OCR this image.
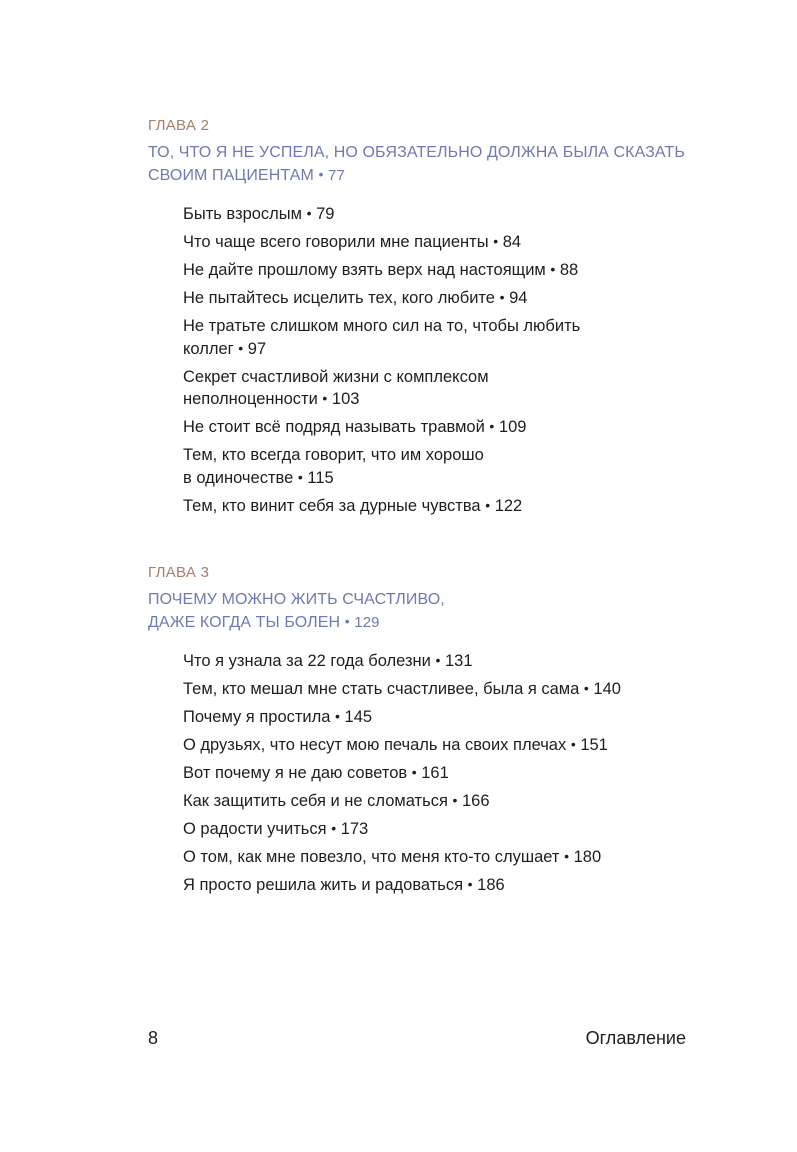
ГЛАВА 2

ТО, ЧТО Я НЕ УСПЕЛА, НО ОБЯЗАТЕЛЬНО ДОЛЖНА БЫЛА СКАЗАТЬ
СВОИМ ПАЦИЕНТАМ • 77

Быть взрослым • 79
Что чаще всего говорили мне пациенты • 84
Не дайте прошлому взять верх над настоящим • 88
Не пытайтесь исцелить тех, кого любите • 94
Не тратьте слишком много сил на то, чтобы любить
коллег • 97
Секрет счастливой жизни с комплексом
неполноценности • 103
Не стоит всё подряд называть травмой • 109
Тем, кто всегда говорит, что им хорошо
в одиночестве • 115
Тем, кто винит себя за дурные чувства • 122

ГЛАВА 3

ПОЧЕМУ МОЖНО ЖИТЬ СЧАСТЛИВО,
ДАЖЕ КОГДА ТЫ БОЛЕН • 129

Что я узнала за 22 года болезни • 131
Тем, кто мешал мне стать счастливее, была я сама • 140
Почему я простила • 145
О друзьях, что несут мою печаль на своих плечах • 151
Вот почему я не даю советов • 161
Как защитить себя и не сломаться • 166
О радости учиться • 173
О том, как мне повезло, что меня кто-то слушает • 180
Я просто решила жить и радоваться • 186
8	Оглавление
